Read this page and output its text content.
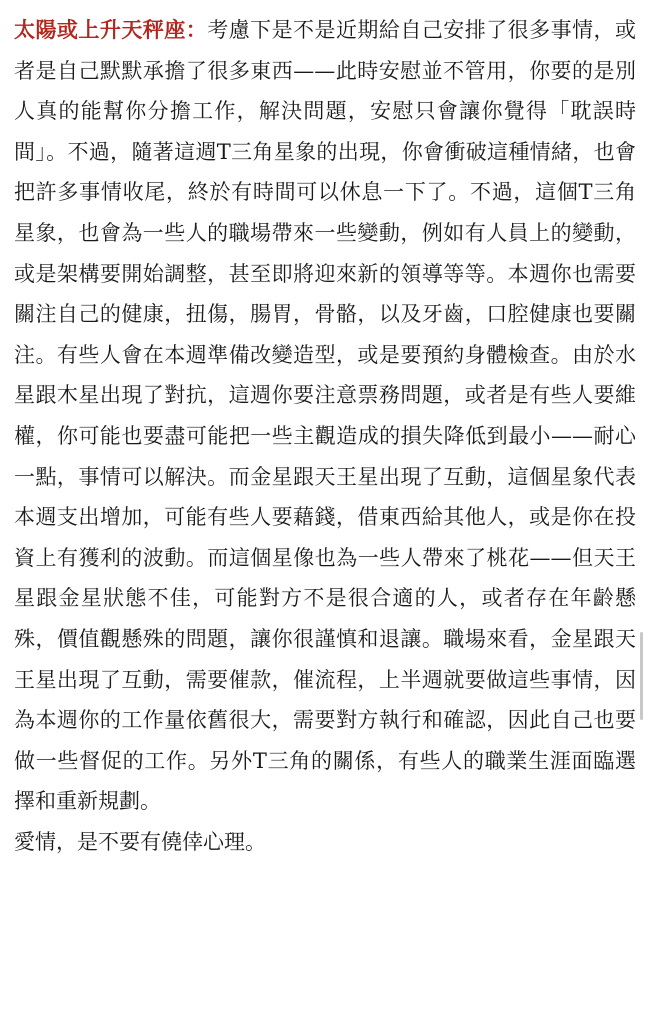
太陽或上升天秤座：考慮下是不是近期給自己安排了很多事情，或者是自己默默承擔了很多東西——此時安慰並不管用，你要的是別人真的能幫你分擔工作，解決問題，安慰只會讓你覺得「耽誤時間」。不過，隨著這週T三角星象的出現，你會衝破這種情緒，也會把許多事情收尾，終於有時間可以休息一下了。不過，這個T三角星象，也會為一些人的職場帶來一些變動，例如有人員上的變動，或是架構要開始調整，甚至即將迎來新的領導等等。本週你也需要關注自己的健康，扭傷，腸胃，骨骼，以及牙齒，口腔健康也要關注。有些人會在本週準備改變造型，或是要預約身體檢查。由於水星跟木星出現了對抗，這週你要注意票務問題，或者是有些人要維權，你可能也要盡可能把一些主觀造成的損失降低到最小——耐心一點，事情可以解決。而金星跟天王星出現了互動，這個星象代表本週支出增加，可能有些人要藉錢，借東西給其他人，或是你在投資上有獲利的波動。而這個星像也為一些人帶來了桃花——但天王星跟金星狀態不佳，可能對方不是很合適的人，或者存在年齡懸殊，價值觀懸殊的問題，讓你很謹慎和退讓。職場來看，金星跟天王星出現了互動，需要催款，催流程，上半週就要做這些事情，因為本週你的工作量依舊很大，需要對方執行和確認，因此自己也要做一些督促的工作。另外T三角的關係，有些人的職業生涯面臨選擇和重新規劃。

愛情，是不要有僥倖心理。
